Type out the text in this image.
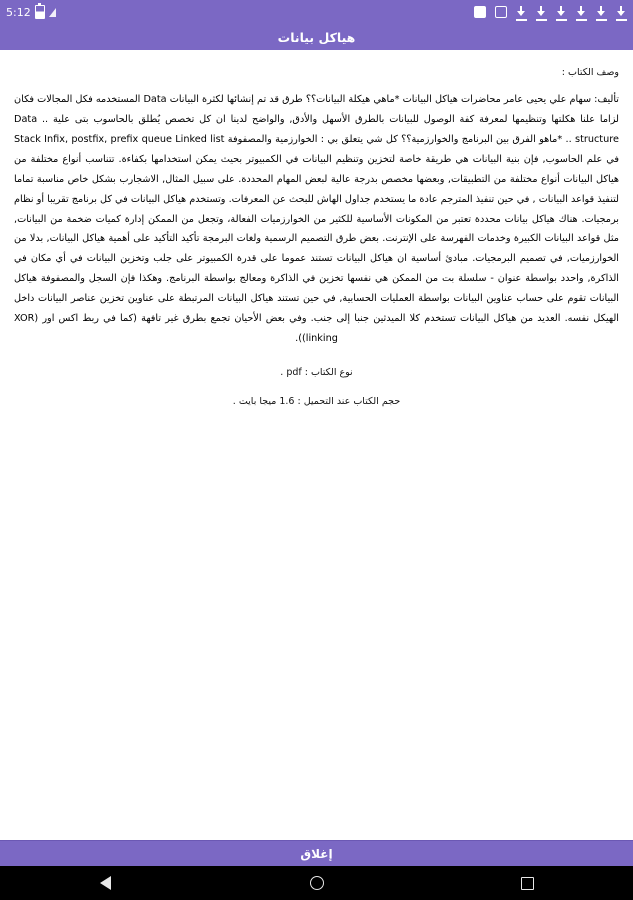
5:12
هياكل بيانات

وصف الكتاب :

تأليف: سهام علي يحيى عامر محاضرات هياكل البيانات *ماهي هيكلة البيانات؟؟ طرق قد تم إنشائها لكثرة البيانات Data المستخدمه فكل المجالات فكان لزاما علنا هكلتها وتنظيمها لمعرفة كفة الوصول للبيانات بالطرق الأسهل والأدق, والواضح لدينا ان كل تخصص يُطلق بالحاسوب بتى علية .. Data structure .. *ماهو الفرق بين البرنامج والخوارزمية؟؟ كل شي يتعلق بي : الخوارزمية والمصفوفة Stack Infix, postfix, prefix queue Linked list في علم الحاسوب, فإن بنية البيانات هي طريقة خاصة لتخزين وتنظيم البيانات في الكمبيوتر بحيث يمكن استخدامها بكفاءة. تتناسب أنواع مختلفة من هياكل البيانات أنواع مختلفة من التطبيقات, وبعضها مخصص بدرجة عالية لبعض المهام المحددة. على سبيل المثال, الاشجارب بشكل خاص مناسبة تماما لتنفيذ قواعد البيانات , في حين تنفيذ المترجم عادة ما يستخدم جداول الهاش للبحث عن المعرفات. وتستخدم هياكل البيانات في كل برنامج تقريبا أو نظام برمجيات. هناك هياكل بيانات محددة تعتبر من المكونات الأساسية للكثير من الخوارزميات الفعالة، وتجعل من الممكن إدارة كميات ضخمة من البيانات, مثل قواعد البيانات الكبيرة وخدمات الفهرسة على الإنترنت. بعض طرق التصميم الرسمية ولغات البرمجة تأكيد التأكيد على أهمية هياكل البيانات, بدلا من الخوارزميات, في تصميم البرمجيات. مبادئ أساسية ان هياكل البيانات تستند عموما على قدرة الكمبيوتر على جلب وتخزين البيانات في أي مكان في الذاكرة, واحدد بواسطة عنوان - سلسلة بت من الممكن هي نفسها تخزين في الذاكرة ومعالج بواسطة البرنامج. وهكذا فإن السجل والمصفوفة هياكل البيانات تقوم على حساب عناوين البيانات بواسطة العمليات الحسابية, في حين تستند هياكل البيانات المرتبطة على عناوين تخزين عناصر البيانات داخل الهيكل نفسه. العديد من هياكل البيانات تستخدم كلا الميدثين جنبا إلى جنب. وفي بعض الأحيان تجمع بطرق غير تافهة (كما في ربط اكس اور (XOR linking)).

نوع الكتاب : pdf .

حجم الكتاب عند التحميل : 1.6 ميجا بايت .

إغلاق
